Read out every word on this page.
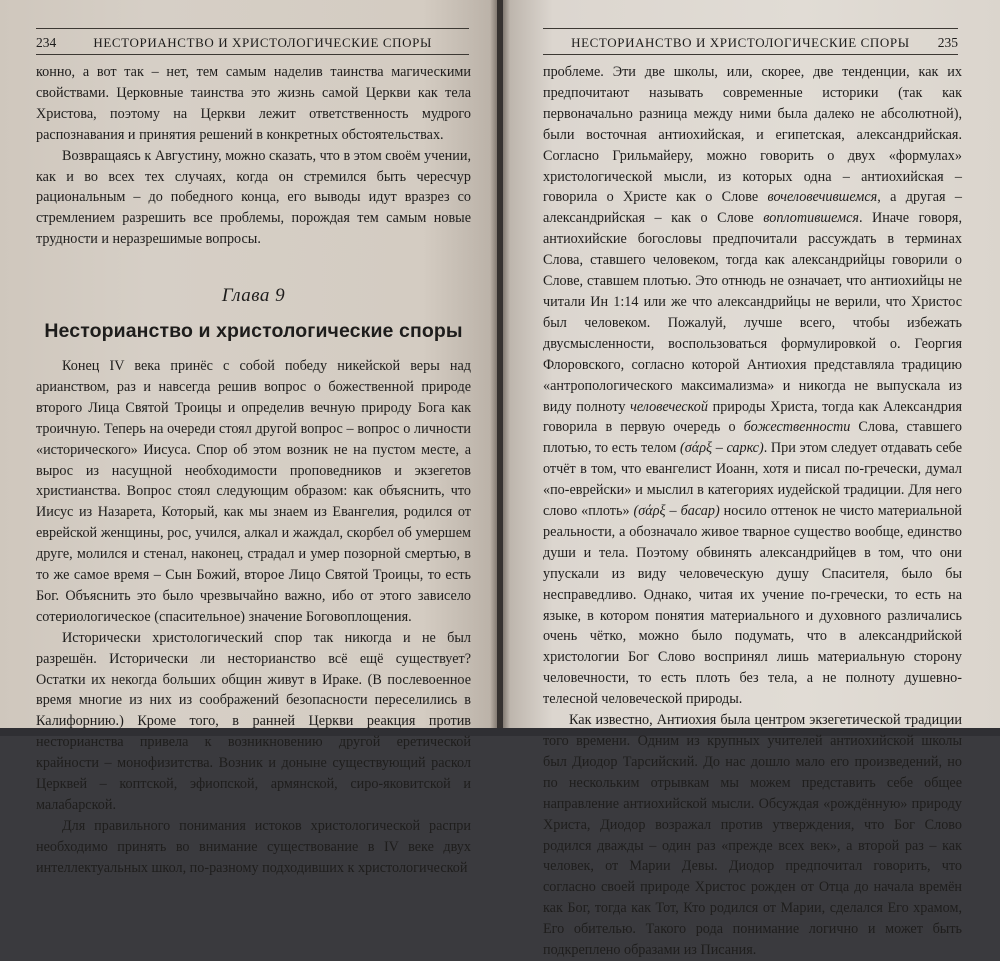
234	НЕСТОРИАНСТВО И ХРИСТОЛОГИЧЕСКИЕ СПОРЫ

конно, а вот так – нет, тем самым наделив таинства магическими свойствами. Церковные таинства это жизнь самой Церкви как тела Христова, поэтому на Церкви лежит ответственность мудрого распознавания и принятия решений в конкретных обстоятельствах.

Возвращаясь к Августину, можно сказать, что в этом своём учении, как и во всех тех случаях, когда он стремился быть чересчур рациональным – до победного конца, его выводы идут вразрез со стремлением разрешить все проблемы, порождая тем самым новые трудности и неразрешимые вопросы.

Глава 9
Несторианство и христологические споры

Конец IV века принёс с собой победу никейской веры над арианством, раз и навсегда решив вопрос о божественной природе второго Лица Святой Троицы и определив вечную природу Бога как троичную. Теперь на очереди стоял другой вопрос – вопрос о личности «исторического» Иисуса. Спор об этом возник не на пустом месте, а вырос из насущной необходимости проповедников и экзегетов христианства. Вопрос стоял следующим образом: как объяснить, что Иисус из Назарета, Который, как мы знаем из Евангелия, родился от еврейской женщины, рос, учился, алкал и жаждал, скорбел об умершем друге, молился и стенал, наконец, страдал и умер позорной смертью, в то же самое время – Сын Божий, второе Лицо Святой Троицы, то есть Бог. Объяснить это было чрезвычайно важно, ибо от этого зависело сотериологическое (спасительное) значение Боговоплощения.

Исторически христологический спор так никогда и не был разрешён. Исторически ли несторианство всё ещё существует? Остатки их некогда больших общин живут в Ираке. (В послевоенное время многие из них из соображений безопасности переселились в Калифорнию.) Кроме того, в ранней Церкви реакция против несторианства привела к возникновению другой еретической крайности – монофизитства. Возник и доныне существующий раскол Церквей – коптской, эфиопской, армянской, сиро-яковитской и малабарской.

Для правильного понимания истоков христологической распри необходимо принять во внимание существование в IV веке двух интеллектуальных школ, по-разному подходивших к христологической

НЕСТОРИАНСТВО И ХРИСТОЛОГИЧЕСКИЕ СПОРЫ	235

проблеме. Эти две школы, или, скорее, две тенденции, как их предпочитают называть современные историки (так как первоначально разница между ними была далеко не абсолютной), были восточная антиохийская, и египетская, александрийская. Согласно Грильмайеру, можно говорить о двух «формулах» христологической мысли, из которых одна – антиохийская – говорила о Христе как о Слове вочеловечившемся, а другая – александрийская – как о Слове воплотившемся. Иначе говоря, антиохийские богословы предпочитали рассуждать в терминах Слова, ставшего человеком, тогда как александрийцы говорили о Слове, ставшем плотью. Это отнюдь не означает, что антиохийцы не читали Ин 1:14 или же что александрийцы не верили, что Христос был человеком. Пожалуй, лучше всего, чтобы избежать двусмысленности, воспользоваться формулировкой о. Георгия Флоровского, согласно которой Антиохия представляла традицию «антропологического максимализма» и никогда не выпускала из виду полноту человеческой природы Христа, тогда как Александрия говорила в первую очередь о божественности Слова, ставшего плотью, то есть телом (σάρξ – саркс). При этом следует отдавать себе отчёт в том, что евангелист Иоанн, хотя и писал по-гречески, думал «по-еврейски» и мыслил в категориях иудейской традиции. Для него слово «плоть» (σάρξ – басар) носило оттенок не чисто материальной реальности, а обозначало живое тварное существо вообще, единство души и тела. Поэтому обвинять александрийцев в том, что они упускали из виду человеческую душу Спасителя, было бы несправедливо. Однако, читая их учение по-гречески, то есть на языке, в котором понятия материального и духовного различались очень чётко, можно было подумать, что в александрийской христологии Бог Слово воспринял лишь материальную сторону человечности, то есть плоть без тела, а не полноту душевно-телесной человеческой природы.

Как известно, Антиохия была центром экзегетической традиции того времени. Одним из крупных учителей антиохийской школы был Диодор Тарсийский. До нас дошло мало его произведений, но по нескольким отрывкам мы можем представить себе общее направление антиохийской мысли. Обсуждая «рождённую» природу Христа, Диодор возражал против утверждения, что Бог Слово родился дважды – один раз «прежде всех век», а второй раз – как человек, от Марии Девы. Диодор предпочитал говорить, что согласно своей природе Христос рожден от Отца до начала времён как Бог, тогда как Тот, Кто родился от Марии, сделался Его храмом, Его обителью. Такого рода понимание логично и может быть подкреплено образами из Писания.
